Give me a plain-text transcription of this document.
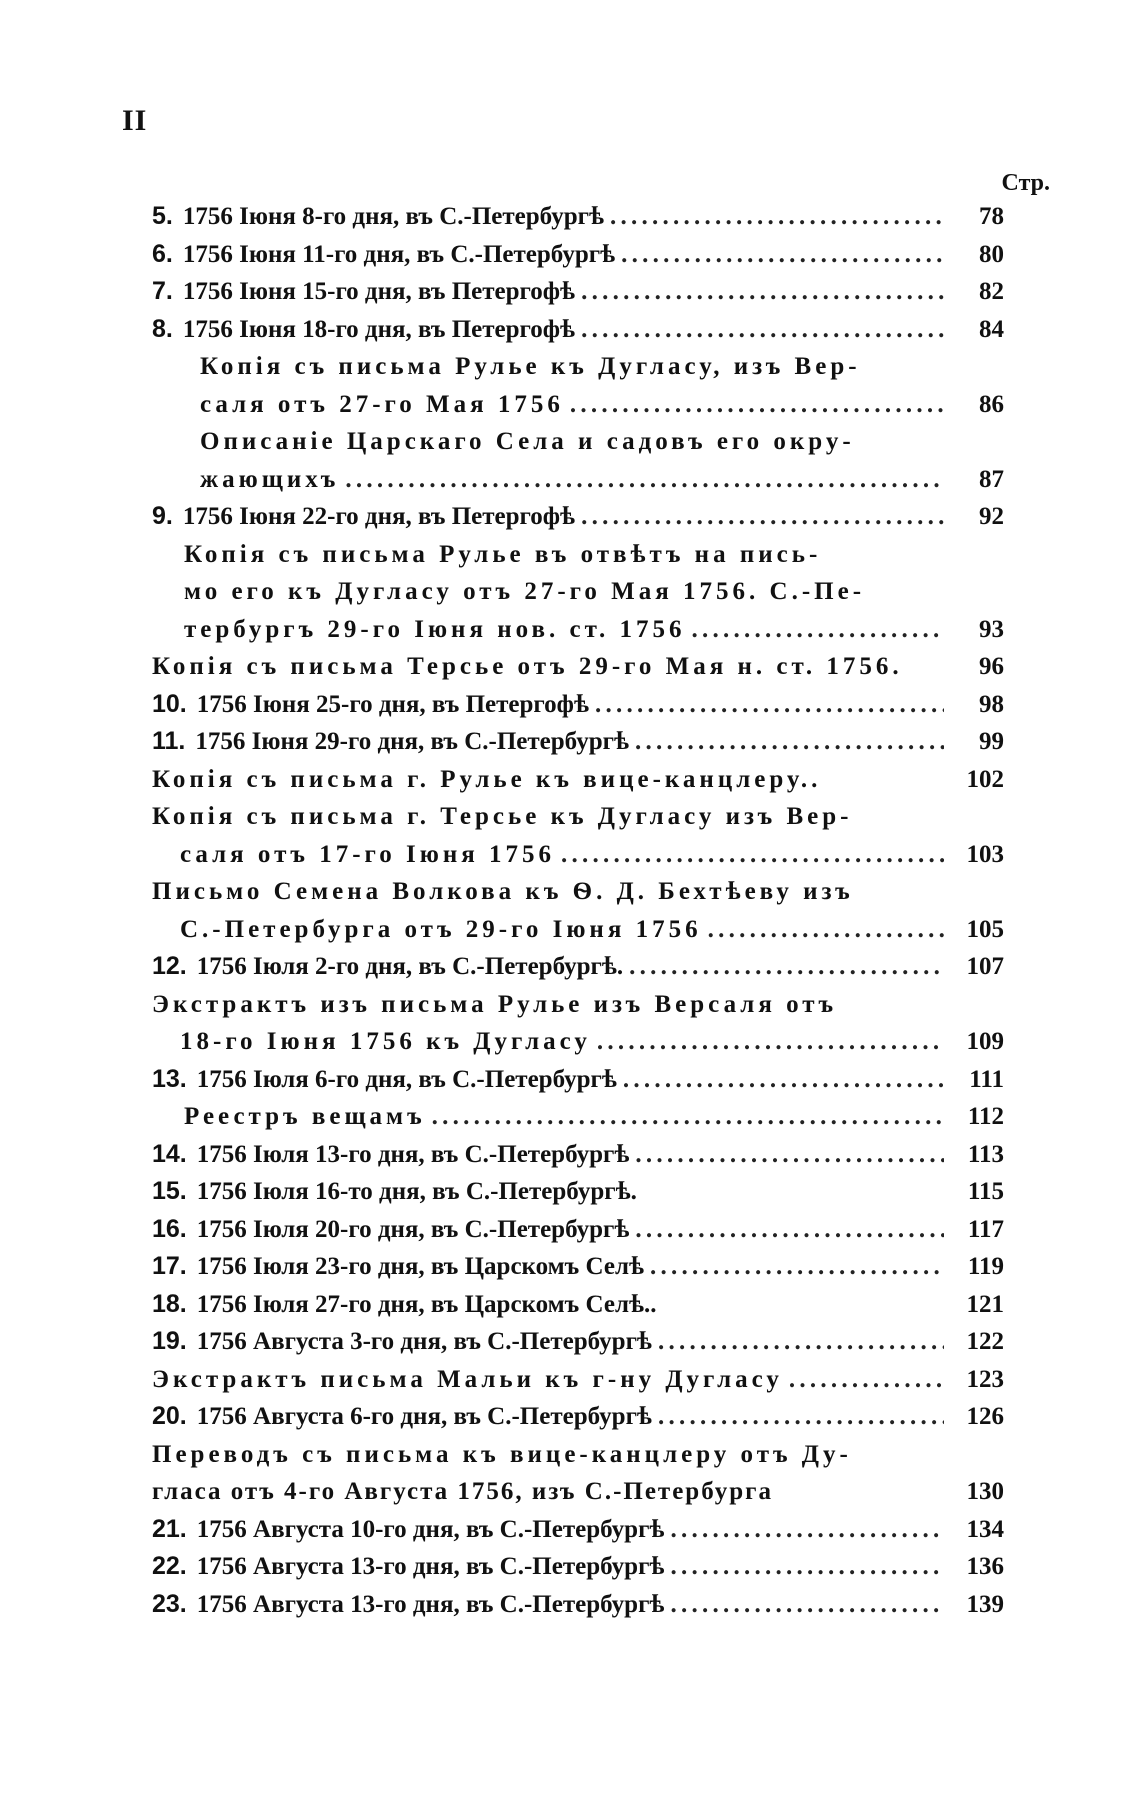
II
Стр.
5. 1756 Іюня 8-го дня, въ С.-Петербургѣ . . .	78
6. 1756 Іюня 11-го дня, въ С.-Петербургѣ . . .	80
7. 1756 Іюня 15-го дня, въ Петергофѣ . . .	82
8. 1756 Іюня 18-го дня, въ Петергофѣ . . .	84
Копія съ письма Рулье къ Дугласу, изъ Вер-
саля отъ 27-го Мая 1756 . . .	86
Описаніе Царскаго Села и садовъ его окру-
жающихъ . . .	87
9. 1756 Іюня 22-го дня, въ Петергофѣ . . .	92
Копія съ письма Рулье въ отвѣтъ на пись-
мо его къ Дугласу отъ 27-го Мая 1756. С.-Пе-
тербургъ 29-го Іюня нов. ст. 1756 . . .	93
Копія съ письма Терсье отъ 29-го Мая н. ст. 1756.	96
10. 1756 Іюня 25-го дня, въ Петергофѣ . . .	98
11. 1756 Іюня 29-го дня, въ С.-Петербургѣ . . .	99
Копія съ письма г. Рулье къ вице-канцлеру..	102
Копія съ письма г. Терсье къ Дугласу изъ Вер-
саля отъ 17-го Іюня 1756 . . .	103
Письмо Семена Волкова къ Ѳ. Д. Бехтѣеву изъ
С.-Петербурга отъ 29-го Іюня 1756 . . .	105
12. 1756 Іюля 2-го дня, въ С.-Петербургѣ. . . .	107
Экстрактъ изъ письма Рулье изъ Версаля отъ
18-го Іюня 1756 къ Дугласу . . .	109
13. 1756 Іюля 6-го дня, въ С.-Петербургѣ . . .	111
Реестръ вещамъ . . .	112
14. 1756 Іюля 13-го дня, въ С.-Петербургѣ . . .	113
15. 1756 Іюля 16-то дня, въ С.-Петербургѣ.	115
16. 1756 Іюля 20-го дня, въ С.-Петербургѣ . . .	117
17. 1756 Іюля 23-го дня, въ Царскомъ Селѣ . . .	119
18. 1756 Іюля 27-го дня, въ Царскомъ Селѣ..	121
19. 1756 Августа 3-го дня, въ С.-Петербургѣ . . .	122
Экстрактъ письма Мальи къ г-ну Дугласу . . .	123
20. 1756 Августа 6-го дня, въ С.-Петербургѣ . . .	126
Переводъ съ письма къ вице-канцлеру отъ Ду-
гласа отъ 4-го Августа 1756, изъ С.-Петербурга	130
21. 1756 Августа 10-го дня, въ С.-Петербургѣ . . .	134
22. 1756 Августа 13-го дня, въ С.-Петербургѣ . . .	136
23. 1756 Августа 13-го дня, въ С.-Петербургѣ . . .	139
